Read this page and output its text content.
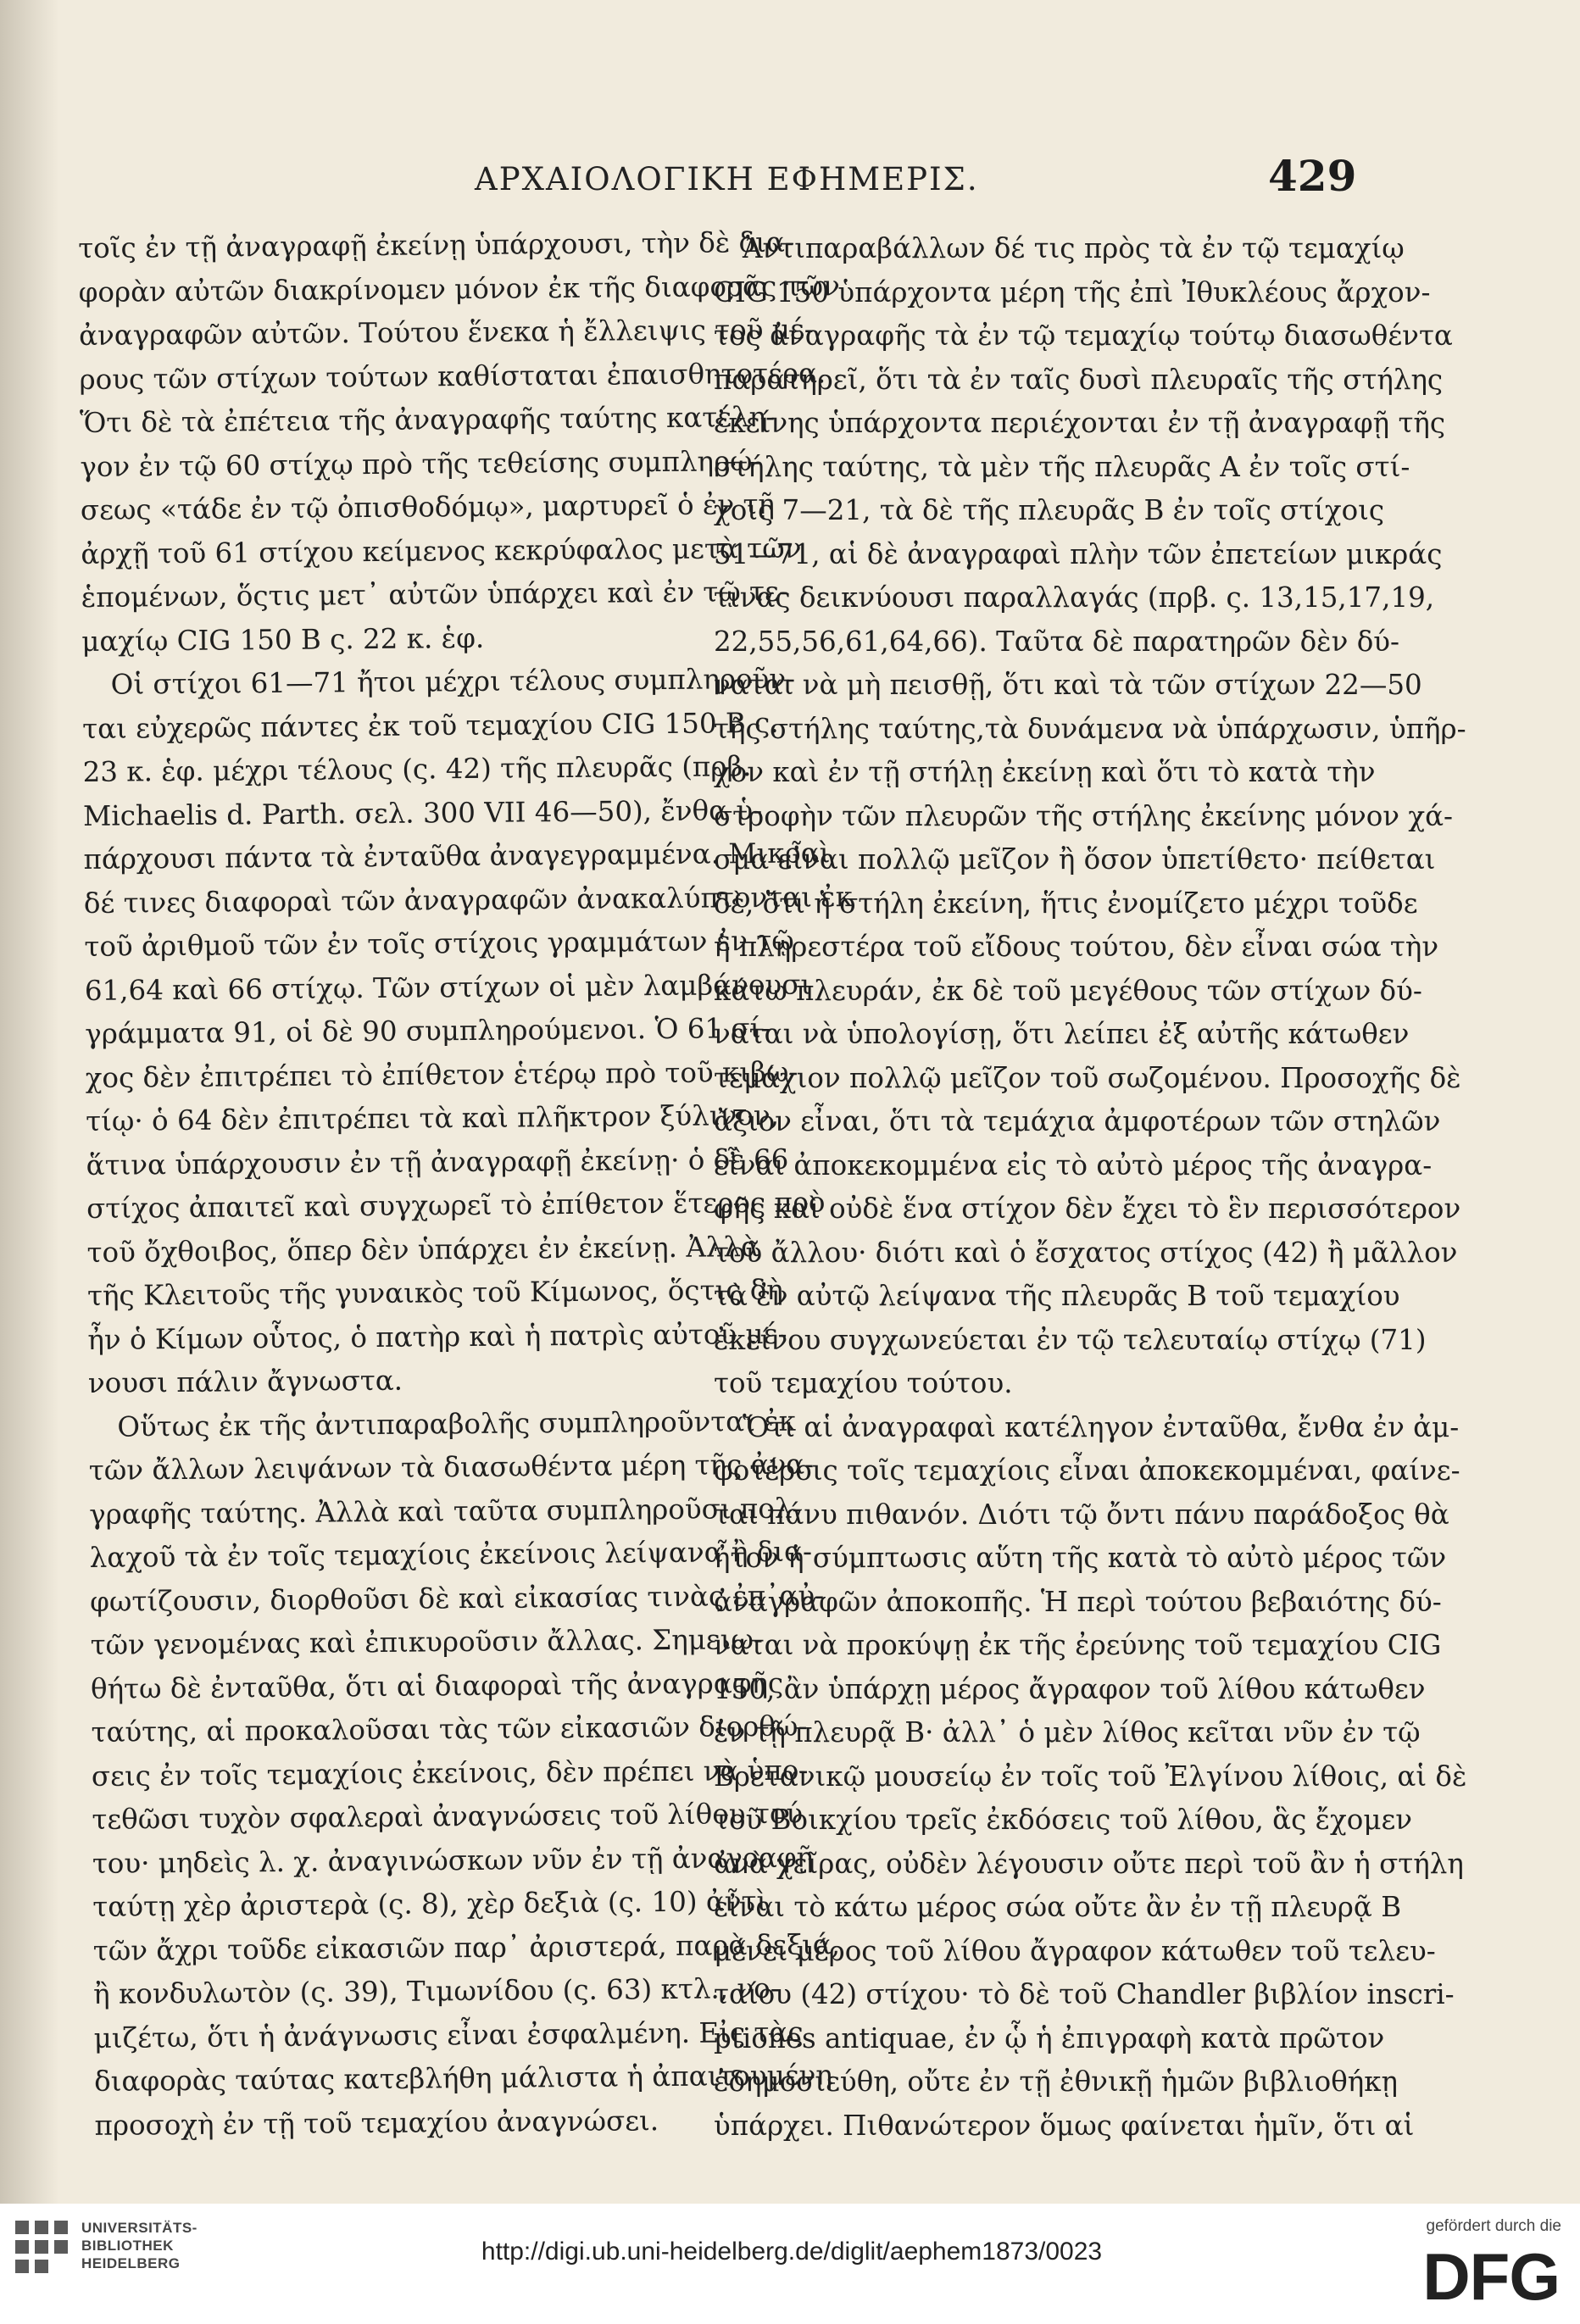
ΑΡΧΑΙΟΛΟΓΙΚΗ ΕΦΗΜΕΡΙΣ.	429
τοῖς ἐν τῇ ἀναγραφῇ ἐκείνῃ ὑπάρχουσι, τὴν δὲ δια-
φορὰν αὐτῶν διακρίνομεν μόνον ἐκ τῆς διαφορᾶς τῶν
ἀναγραφῶν αὐτῶν. Τούτου ἕνεκα ἡ ἔλλειψις τοῦ μέ-
ρους τῶν στίχων τούτων καθίσταται ἐπαισθητοτέρα.
Ὅτι δὲ τὰ ἐπέτεια τῆς ἀναγραφῆς ταύτης κατέλη-
γον ἐν τῷ 60 στίχῳ πρὸ τῆς τεθείσης συμπληρώ-
σεως «τάδε ἐν τῷ ὀπισθοδόμῳ», μαρτυρεῖ ὁ ἐν τῇ
ἀρχῇ τοῦ 61 στίχου κείμενος κεκρύφαλος μετὰ τῶν
ἑπομένων, ὅςτις μετ᾽ αὐτῶν ὑπάρχει καὶ ἐν τῷ τε-
μαχίῳ CIG 150 B ς. 22 κ. ἑφ.
Οἱ στίχοι 61—71 ἤτοι μέχρι τέλους συμπληροῦν-
ται εὐχερῶς πάντες ἐκ τοῦ τεμαχίου CIG 150 B ς.
23 κ. ἑφ. μέχρι τέλους (ς. 42) τῆς πλευρᾶς (πρβ.
Michaelis d. Parth. σελ. 300 VII 46—50), ἔνθα ὑ-
πάρχουσι πάντα τὰ ἐνταῦθα ἀναγεγραμμένα. Μικραὶ
δέ τινες διαφοραὶ τῶν ἀναγραφῶν ἀνακαλύπτονται ἐκ
τοῦ ἀριθμοῦ τῶν ἐν τοῖς στίχοις γραμμάτων ἐν τῷ
61,64 καὶ 66 στίχῳ. Τῶν στίχων οἱ μὲν λαμβάνουσι
γράμματα 91, οἱ δὲ 90 συμπληρούμενοι. Ὁ 61 σί-
χος δὲν ἐπιτρέπει τὸ ἐπίθετον ἑτέρῳ πρὸ τοῦ κιβω-
τίῳ· ὁ 64 δὲν ἐπιτρέπει τὰ καὶ πλῆκτρον ξύλινον,
ἅτινα ὑπάρχουσιν ἐν τῇ ἀναγραφῇ ἐκείνῃ· ὁ δὲ 66
στίχος ἀπαιτεῖ καὶ συγχωρεῖ τὸ ἐπίθετον ἕτερος πρὸ
τοῦ ὄχθοιβος, ὅπερ δὲν ὑπάρχει ἐν ἐκείνῃ. Ἀλλὰ
τῆς Κλειτοῦς τῆς γυναικὸς τοῦ Κίμωνος, ὅςτις δὴ
ἦν ὁ Κίμων οὗτος, ὁ πατὴρ καὶ ἡ πατρὶς αὐτοῦ μέ-
νουσι πάλιν ἄγνωστα.
Οὕτως ἐκ τῆς ἀντιπαραβολῆς συμπληροῦνται ἐκ
τῶν ἄλλων λειψάνων τὰ διασωθέντα μέρη τῆς ἀνα-
γραφῆς ταύτης. Ἀλλὰ καὶ ταῦτα συμπληροῦσι πολ-
λαχοῦ τὰ ἐν τοῖς τεμαχίοις ἐκείνοις λείψανα ἢ δια-
φωτίζουσιν, διορθοῦσι δὲ καὶ εἰκασίας τινὰς ἐπ᾽αὐ-
τῶν γενομένας καὶ ἐπικυροῦσιν ἄλλας. Σημειω-
θήτω δὲ ἐνταῦθα, ὅτι αἱ διαφοραὶ τῆς ἀναγραφῆς
ταύτης, αἱ προκαλοῦσαι τὰς τῶν εἰκασιῶν διορθώ-
σεις ἐν τοῖς τεμαχίοις ἐκείνοις, δὲν πρέπει νὰ ὑπο-
τεθῶσι τυχὸν σφαλεραὶ ἀναγνώσεις τοῦ λίθου τού
του· μηδεὶς λ. χ. ἀναγινώσκων νῦν ἐν τῇ ἀναγραφῇ
ταύτῃ χὲρ ἀριστερὰ (ς. 8), χὲρ δεξιὰ (ς. 10) ἀντὶ
τῶν ἄχρι τοῦδε εἰκασιῶν παρ᾽ ἀριστερά, παρὰ δεξιά,
ἢ κονδυλωτὸν (ς. 39), Τιμωνίδου (ς. 63) κτλ., νο-
μιζέτω, ὅτι ἡ ἀνάγνωσις εἶναι ἐσφαλμένη. Εἰς τὰς
διαφορὰς ταύτας κατεβλήθη μάλιστα ἡ ἀπαιτουμένη
προσοχὴ ἐν τῇ τοῦ τεμαχίου ἀναγνώσει.
Ἀντιπαραβάλλων δέ τις πρὸς τὰ ἐν τῷ τεμαχίῳ
CIG 150 ὑπάρχοντα μέρη τῆς ἐπὶ Ἰθυκλέους ἄρχον-
τος ἀναγραφῆς τὰ ἐν τῷ τεμαχίῳ τούτῳ διασωθέντα
παρατηρεῖ, ὅτι τὰ ἐν ταῖς δυσὶ πλευραῖς τῆς στήλης
ἐκείνης ὑπάρχοντα περιέχονται ἐν τῇ ἀναγραφῇ τῆς
στήλης ταύτης, τὰ μὲν τῆς πλευρᾶς A ἐν τοῖς στί-
χοις 7—21, τὰ δὲ τῆς πλευρᾶς B ἐν τοῖς στίχοις
51—71, αἱ δὲ ἀναγραφαὶ πλὴν τῶν ἐπετείων μικράς
τινας δεικνύουσι παραλλαγάς (πρβ. ς. 13,15,17,19,
22,55,56,61,64,66). Ταῦτα δὲ παρατηρῶν δὲν δύ-
ναται νὰ μὴ πεισθῇ, ὅτι καὶ τὰ τῶν στίχων 22—50
τῆς στήλης ταύτης,τὰ δυνάμενα νὰ ὑπάρχωσιν, ὑπῆρ-
χον καὶ ἐν τῇ στήλῃ ἐκείνῃ καὶ ὅτι τὸ κατὰ τὴν
στροφὴν τῶν πλευρῶν τῆς στήλης ἐκείνης μόνον χά-
σμα εἶναι πολλῷ μεῖζον ἢ ὅσον ὑπετίθετο· πείθεται
δὲ, ὅτι ἡ στήλη ἐκείνη, ἥτις ἐνομίζετο μέχρι τοῦδε
ἡ πληρεστέρα τοῦ εἴδους τούτου, δὲν εἶναι σώα τὴν
κάτω πλευράν, ἐκ δὲ τοῦ μεγέθους τῶν στίχων δύ-
ναται νὰ ὑπολογίσῃ, ὅτι λείπει ἐξ αὐτῆς κάτωθεν
τεμάχιον πολλῷ μεῖζον τοῦ σωζομένου. Προσοχῆς δὲ
ἄξιον εἶναι, ὅτι τὰ τεμάχια ἀμφοτέρων τῶν στηλῶν
εἶναι ἀποκεκομμένα εἰς τὸ αὐτὸ μέρος τῆς ἀναγρα-
φῆς καὶ οὐδὲ ἕνα στίχον δὲν ἔχει τὸ ἓν περισσότερον
τοῦ ἄλλου· διότι καὶ ὁ ἔσχατος στίχος (42) ἢ μᾶλλον
τὰ ἐν αὐτῷ λείψανα τῆς πλευρᾶς B τοῦ τεμαχίου
ἐκείνου συγχωνεύεται ἐν τῷ τελευταίῳ στίχῳ (71)
τοῦ τεμαχίου τούτου.
Ὅτι αἱ ἀναγραφαὶ κατέληγον ἐνταῦθα, ἔνθα ἐν ἀμ-
φοτέροις τοῖς τεμαχίοις εἶναι ἀποκεκομμέναι, φαίνε-
ται πάνυ πιθανόν. Διότι τῷ ὄντι πάνυ παράδοξος θὰ
ἦτον ἡ σύμπτωσις αὕτη τῆς κατὰ τὸ αὐτὸ μέρος τῶν
ἀναγραφῶν ἀποκοπῆς. Ἡ περὶ τούτου βεβαιότης δύ-
ναται νὰ προκύψῃ ἐκ τῆς ἐρεύνης τοῦ τεμαχίου CIG
150, ἂν ὑπάρχῃ μέρος ἄγραφον τοῦ λίθου κάτωθεν
ἐν τῇ πλευρᾷ B· ἀλλ᾽ ὁ μὲν λίθος κεῖται νῦν ἐν τῷ
Βρετανικῷ μουσείῳ ἐν τοῖς τοῦ Ἐλγίνου λίθοις, αἱ δὲ
τοῦ Βοικχίου τρεῖς ἐκδόσεις τοῦ λίθου, ἃς ἔχομεν
ἀνὰ χεῖρας, οὐδὲν λέγουσιν οὔτε περὶ τοῦ ἂν ἡ στήλη
εἶναι τὸ κάτω μέρος σώα οὔτε ἂν ἐν τῇ πλευρᾷ B
μένει μέρος τοῦ λίθου ἄγραφον κάτωθεν τοῦ τελευ-
ταίου (42) στίχου· τὸ δὲ τοῦ Chandler βιβλίον inscri-
ptiones antiquae, ἐν ᾧ ἡ ἐπιγραφὴ κατὰ πρῶτον
ἐδημοσιεύθη, οὔτε ἐν τῇ ἐθνικῇ ἡμῶν βιβλιοθήκῃ
ὑπάρχει. Πιθανώτερον ὅμως φαίνεται ἡμῖν, ὅτι αἱ
UNIVERSITÄTS-
BIBLIOTHEK
HEIDELBERG	http://digi.ub.uni-heidelberg.de/diglit/aephem1873/0023
gefördert durch die
DFG
